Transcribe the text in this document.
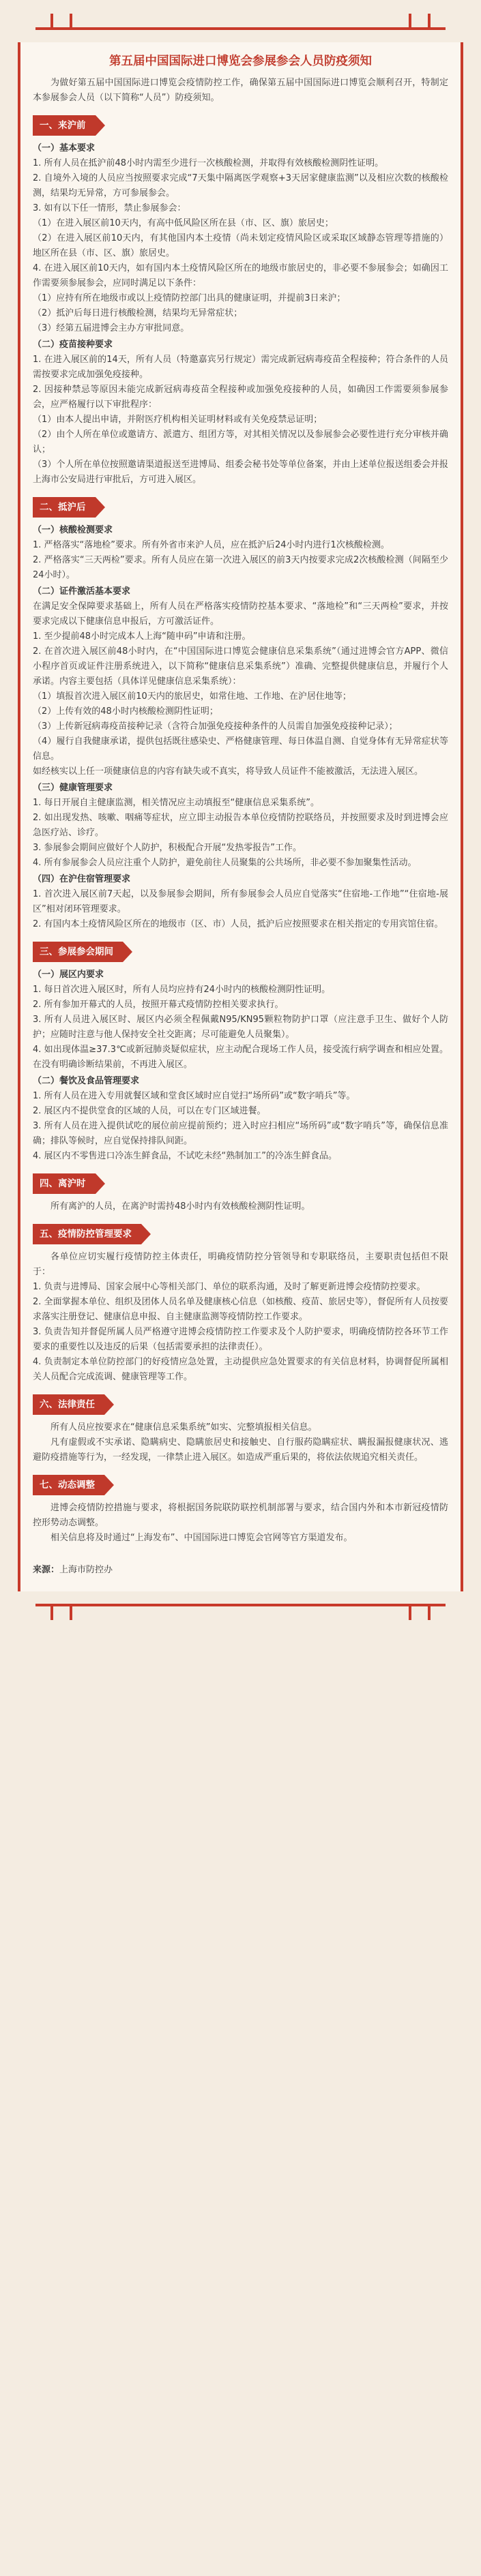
第五届中国国际进口博览会参展参会人员防疫须知

为做好第五届中国国际进口博览会疫情防控工作，确保第五届中国国际进口博览会顺利召开，特制定本参展参会人员（以下简称“人员”）防疫须知。

一、来沪前
（一）基本要求

1. 所有人员在抵沪前48小时内需至少进行一次核酸检测，并取得有效核酸检测阴性证明。

2. 自境外入境的人员应当按照要求完成“7天集中隔离医学观察+3天居家健康监测”以及相应次数的核酸检测，结果均无异常，方可参展参会。

3. 如有以下任一情形，禁止参展参会：

（1）在进入展区前10天内，有高中低风险区所在县（市、区、旗）旅居史；

（2）在进入展区前10天内，有其他国内本土疫情（尚未划定疫情风险区或采取区域静态管理等措施的）地区所在县（市、区、旗）旅居史。

4. 在进入展区前10天内，如有国内本土疫情风险区所在的地级市旅居史的，非必要不参展参会；如确因工作需要须参展参会，应同时满足以下条件：

（1）应持有所在地级市或以上疫情防控部门出具的健康证明，并提前3日来沪；

（2）抵沪后每日进行核酸检测，结果均无异常症状；

（3）经第五届进博会主办方审批同意。

（二）疫苗接种要求

1. 在进入展区前的14天，所有人员（特邀嘉宾另行规定）需完成新冠病毒疫苗全程接种；符合条件的人员需按要求完成加强免疫接种。

2. 因接种禁忌等原因未能完成新冠病毒疫苗全程接种或加强免疫接种的人员，如确因工作需要须参展参会，应严格履行以下审批程序：

（1）由本人提出申请，并附医疗机构相关证明材料或有关免疫禁忌证明；

（2）由个人所在单位或邀请方、派遣方、组团方等，对其相关情况以及参展参会必要性进行充分审核并确认；

（3）个人所在单位按照邀请渠道报送至进博局、组委会秘书处等单位备案，并由上述单位报送组委会并报上海市公安局进行审批后，方可进入展区。

二、抵沪后
（一）核酸检测要求

1. 严格落实“落地检”要求。所有外省市来沪人员，应在抵沪后24小时内进行1次核酸检测。

2. 严格落实“三天两检”要求。所有人员应在第一次进入展区的前3天内按要求完成2次核酸检测（间隔至少24小时）。

（二）证件激活基本要求

在满足安全保障要求基础上，所有人员在严格落实疫情防控基本要求、“落地检”和“三天两检”要求，并按要求完成以下健康信息申报后，方可激活证件。

1. 至少提前48小时完成本人上海“随申码”申请和注册。

2. 在首次进入展区前48小时内，在“中国国际进口博览会健康信息采集系统”（通过进博会官方APP、微信小程序首页或证件注册系统进入，以下简称“健康信息采集系统”）准确、完整提供健康信息，并履行个人承诺。内容主要包括（具体详见健康信息采集系统）：

（1）填报首次进入展区前10天内的旅居史，如常住地、工作地、在沪居住地等；

（2）上传有效的48小时内核酸检测阴性证明；

（3）上传新冠病毒疫苗接种记录（含符合加强免疫接种条件的人员需自加强免疫接种记录）；

（4）履行自我健康承诺，提供包括既往感染史、严格健康管理、每日体温自测、自觉身体有无异常症状等信息。

如经核实以上任一项健康信息的内容有缺失或不真实，将导致人员证件不能被激活，无法进入展区。

（三）健康管理要求

1. 每日开展自主健康监测，相关情况应主动填报至“健康信息采集系统”。

2. 如出现发热、咳嗽、咽痛等症状，应立即主动报告本单位疫情防控联络员，并按照要求及时到进博会应急医疗站、诊疗。

3. 参展参会期间应做好个人防护，积极配合开展“发热零报告”工作。

4. 所有参展参会人员应注重个人防护，避免前往人员聚集的公共场所，非必要不参加聚集性活动。

（四）在沪住宿管理要求

1. 首次进入展区前7天起，以及参展参会期间，所有参展参会人员应自觉落实“住宿地-工作地”“住宿地-展区”相对闭环管理要求。

2. 有国内本土疫情风险区所在的地级市（区、市）人员，抵沪后应按照要求在相关指定的专用宾馆住宿。

三、参展参会期间
（一）展区内要求

1. 每日首次进入展区时，所有人员均应持有24小时内的核酸检测阴性证明。

2. 所有参加开幕式的人员，按照开幕式疫情防控相关要求执行。

3. 所有人员进入展区时、展区内必须全程佩戴N95/KN95颗粒物防护口罩（应注意手卫生、做好个人防护；应随时注意与他人保持安全社交距离；尽可能避免人员聚集）。

4. 如出现体温≥37.3℃或新冠肺炎疑似症状，应主动配合现场工作人员，接受流行病学调查和相应处置。在没有明确诊断结果前，不再进入展区。

（二）餐饮及食品管理要求

1. 所有人员在进入专用就餐区域和堂食区域时应自觉扫“场所码”或“数字哨兵”等。

2. 展区内不提供堂食的区域的人员，可以在专门区域进餐。

3. 所有人员在进入提供试吃的展位前应提前预约；进入时应扫相应“场所码”或“数字哨兵”等，确保信息准确；排队等候时，应自觉保持排队间距。

4. 展区内不零售进口冷冻生鲜食品，不试吃未经“熟制加工”的冷冻生鲜食品。

四、离沪时

所有离沪的人员，在离沪时需持48小时内有效核酸检测阴性证明。

五、疫情防控管理要求

各单位应切实履行疫情防控主体责任，明确疫情防控分管领导和专职联络员，主要职责包括但不限于：

1. 负责与进博局、国家会展中心等相关部门、单位的联系沟通，及时了解更新进博会疫情防控要求。

2. 全面掌握本单位、组织及团体人员名单及健康核心信息（如核酸、疫苗、旅居史等），督促所有人员按要求落实注册登记、健康信息申报、自主健康监测等疫情防控工作要求。

3. 负责告知并督促所属人员严格遵守进博会疫情防控工作要求及个人防护要求，明确疫情防控各环节工作要求的重要性以及违反的后果（包括需要承担的法律责任）。

4. 负责制定本单位防控部门的好疫情应急处置，主动提供应急处置要求的有关信息材料，协调督促所属相关人员配合完成流调、健康管理等工作。

六、法律责任

所有人员应按要求在“健康信息采集系统”如实、完整填报相关信息。

凡有虚假或不实承诺、隐瞒病史、隐瞒旅居史和接触史、自行服药隐瞒症状、瞒报漏报健康状况、逃避防疫措施等行为，一经发现，一律禁止进入展区。如造成严重后果的，将依法依规追究相关责任。

七、动态调整

进博会疫情防控措施与要求，将根据国务院联防联控机制部署与要求，结合国内外和本市新冠疫情防控形势动态调整。

相关信息将及时通过“上海发布”、中国国际进口博览会官网等官方渠道发布。

来源：上海市防控办
